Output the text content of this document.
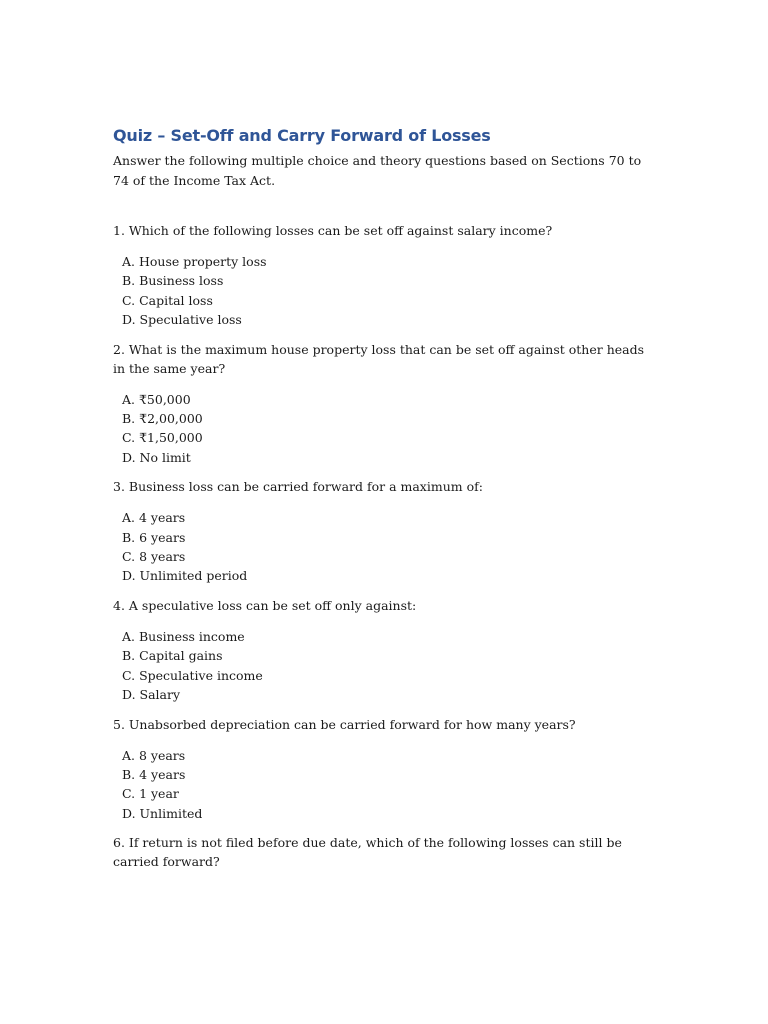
Quiz – Set-Off and Carry Forward of Losses

Answer the following multiple choice and theory questions based on Sections 70 to 74 of the Income Tax Act.

1. Which of the following losses can be set off against salary income?

A. House property loss
B. Business loss
C. Capital loss
D. Speculative loss

2. What is the maximum house property loss that can be set off against other heads in the same year?

A. ₹50,000
B. ₹2,00,000
C. ₹1,50,000
D. No limit

3. Business loss can be carried forward for a maximum of:

A. 4 years
B. 6 years
C. 8 years
D. Unlimited period

4. A speculative loss can be set off only against:

A. Business income
B. Capital gains
C. Speculative income
D. Salary

5. Unabsorbed depreciation can be carried forward for how many years?

A. 8 years
B. 4 years
C. 1 year
D. Unlimited

6. If return is not filed before due date, which of the following losses can still be carried forward?
